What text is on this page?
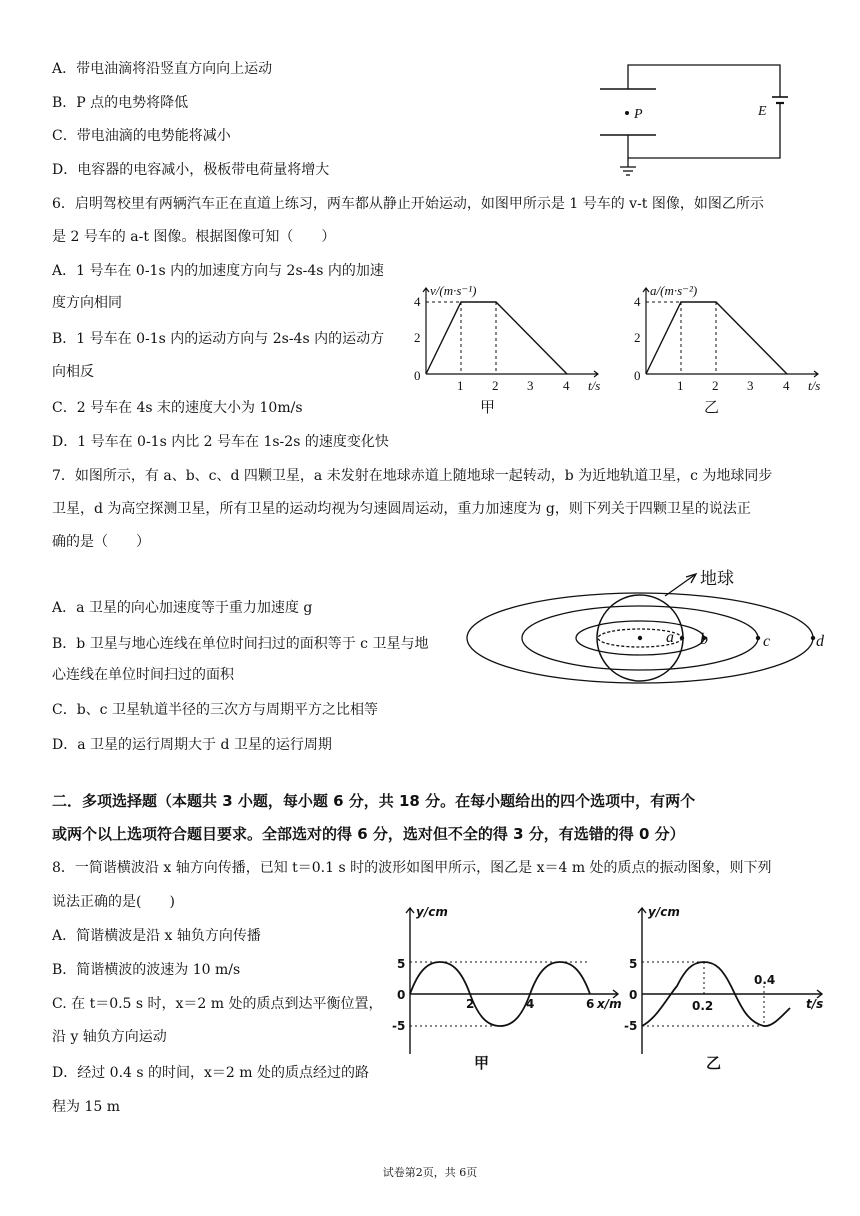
A．带电油滴将沿竖直方向向上运动
B．P 点的电势将降低
C．带电油滴的电势能将减小
D．电容器的电容减小，极板带电荷量将增大
P	E
6．启明驾校里有两辆汽车正在直道上练习，两车都从静止开始运动，如图甲所示是 1 号车的 v-t 图像，如图乙所示
是 2 号车的 a-t 图像。根据图像可知（　　）
A．1 号车在 0-1s 内的加速度方向与 2s-4s 内的加速
度方向相同
B．1 号车在 0-1s 内的运动方向与 2s-4s 内的运动方
向相反
C．2 号车在 4s 末的速度大小为 10m/s
D．1 号车在 0-1s 内比 2 号车在 1s-2s 的速度变化快
v/(m·s⁻¹)
4
2
0
1 2 3 4 t/s
甲
a/(m·s⁻²)
4
2
0
1 2 3 4 t/s
乙
7．如图所示，有 a、b、c、d 四颗卫星，a 未发射在地球赤道上随地球一起转动，b 为近地轨道卫星，c 为地球同步
卫星，d 为高空探测卫星，所有卫星的运动均视为匀速圆周运动，重力加速度为 g，则下列关于四颗卫星的说法正
确的是（　　）
A．a 卫星的向心加速度等于重力加速度 g
B．b 卫星与地心连线在单位时间扫过的面积等于 c 卫星与地
心连线在单位时间扫过的面积
C．b、c 卫星轨道半径的三次方与周期平方之比相等
D．a 卫星的运行周期大于 d 卫星的运行周期
地球
a b	c	d
二．多项选择题（本题共 3 小题，每小题 6 分，共 18 分。在每小题给出的四个选项中，有两个
或两个以上选项符合题目要求。全部选对的得 6 分，选对但不全的得 3 分，有选错的得 0 分）
8．一简谐横波沿 x 轴方向传播，已知 t＝0.1 s 时的波形如图甲所示，图乙是 x＝4 m 处的质点的振动图象，则下列
说法正确的是(　　)
A．简谐横波是沿 x 轴负方向传播
B．简谐横波的波速为 10 m/s
C. 在 t＝0.5 s 时，x＝2 m 处的质点到达平衡位置，
沿 y 轴负方向运动
D．经过 0.4 s 的时间，x＝2 m 处的质点经过的路
程为 15 m
y/cm
5
0
-5
2	4	6 x/m
甲
y/cm
5
0
-5
0.2
0.4
t/s
乙
试卷第2页，共 6页
